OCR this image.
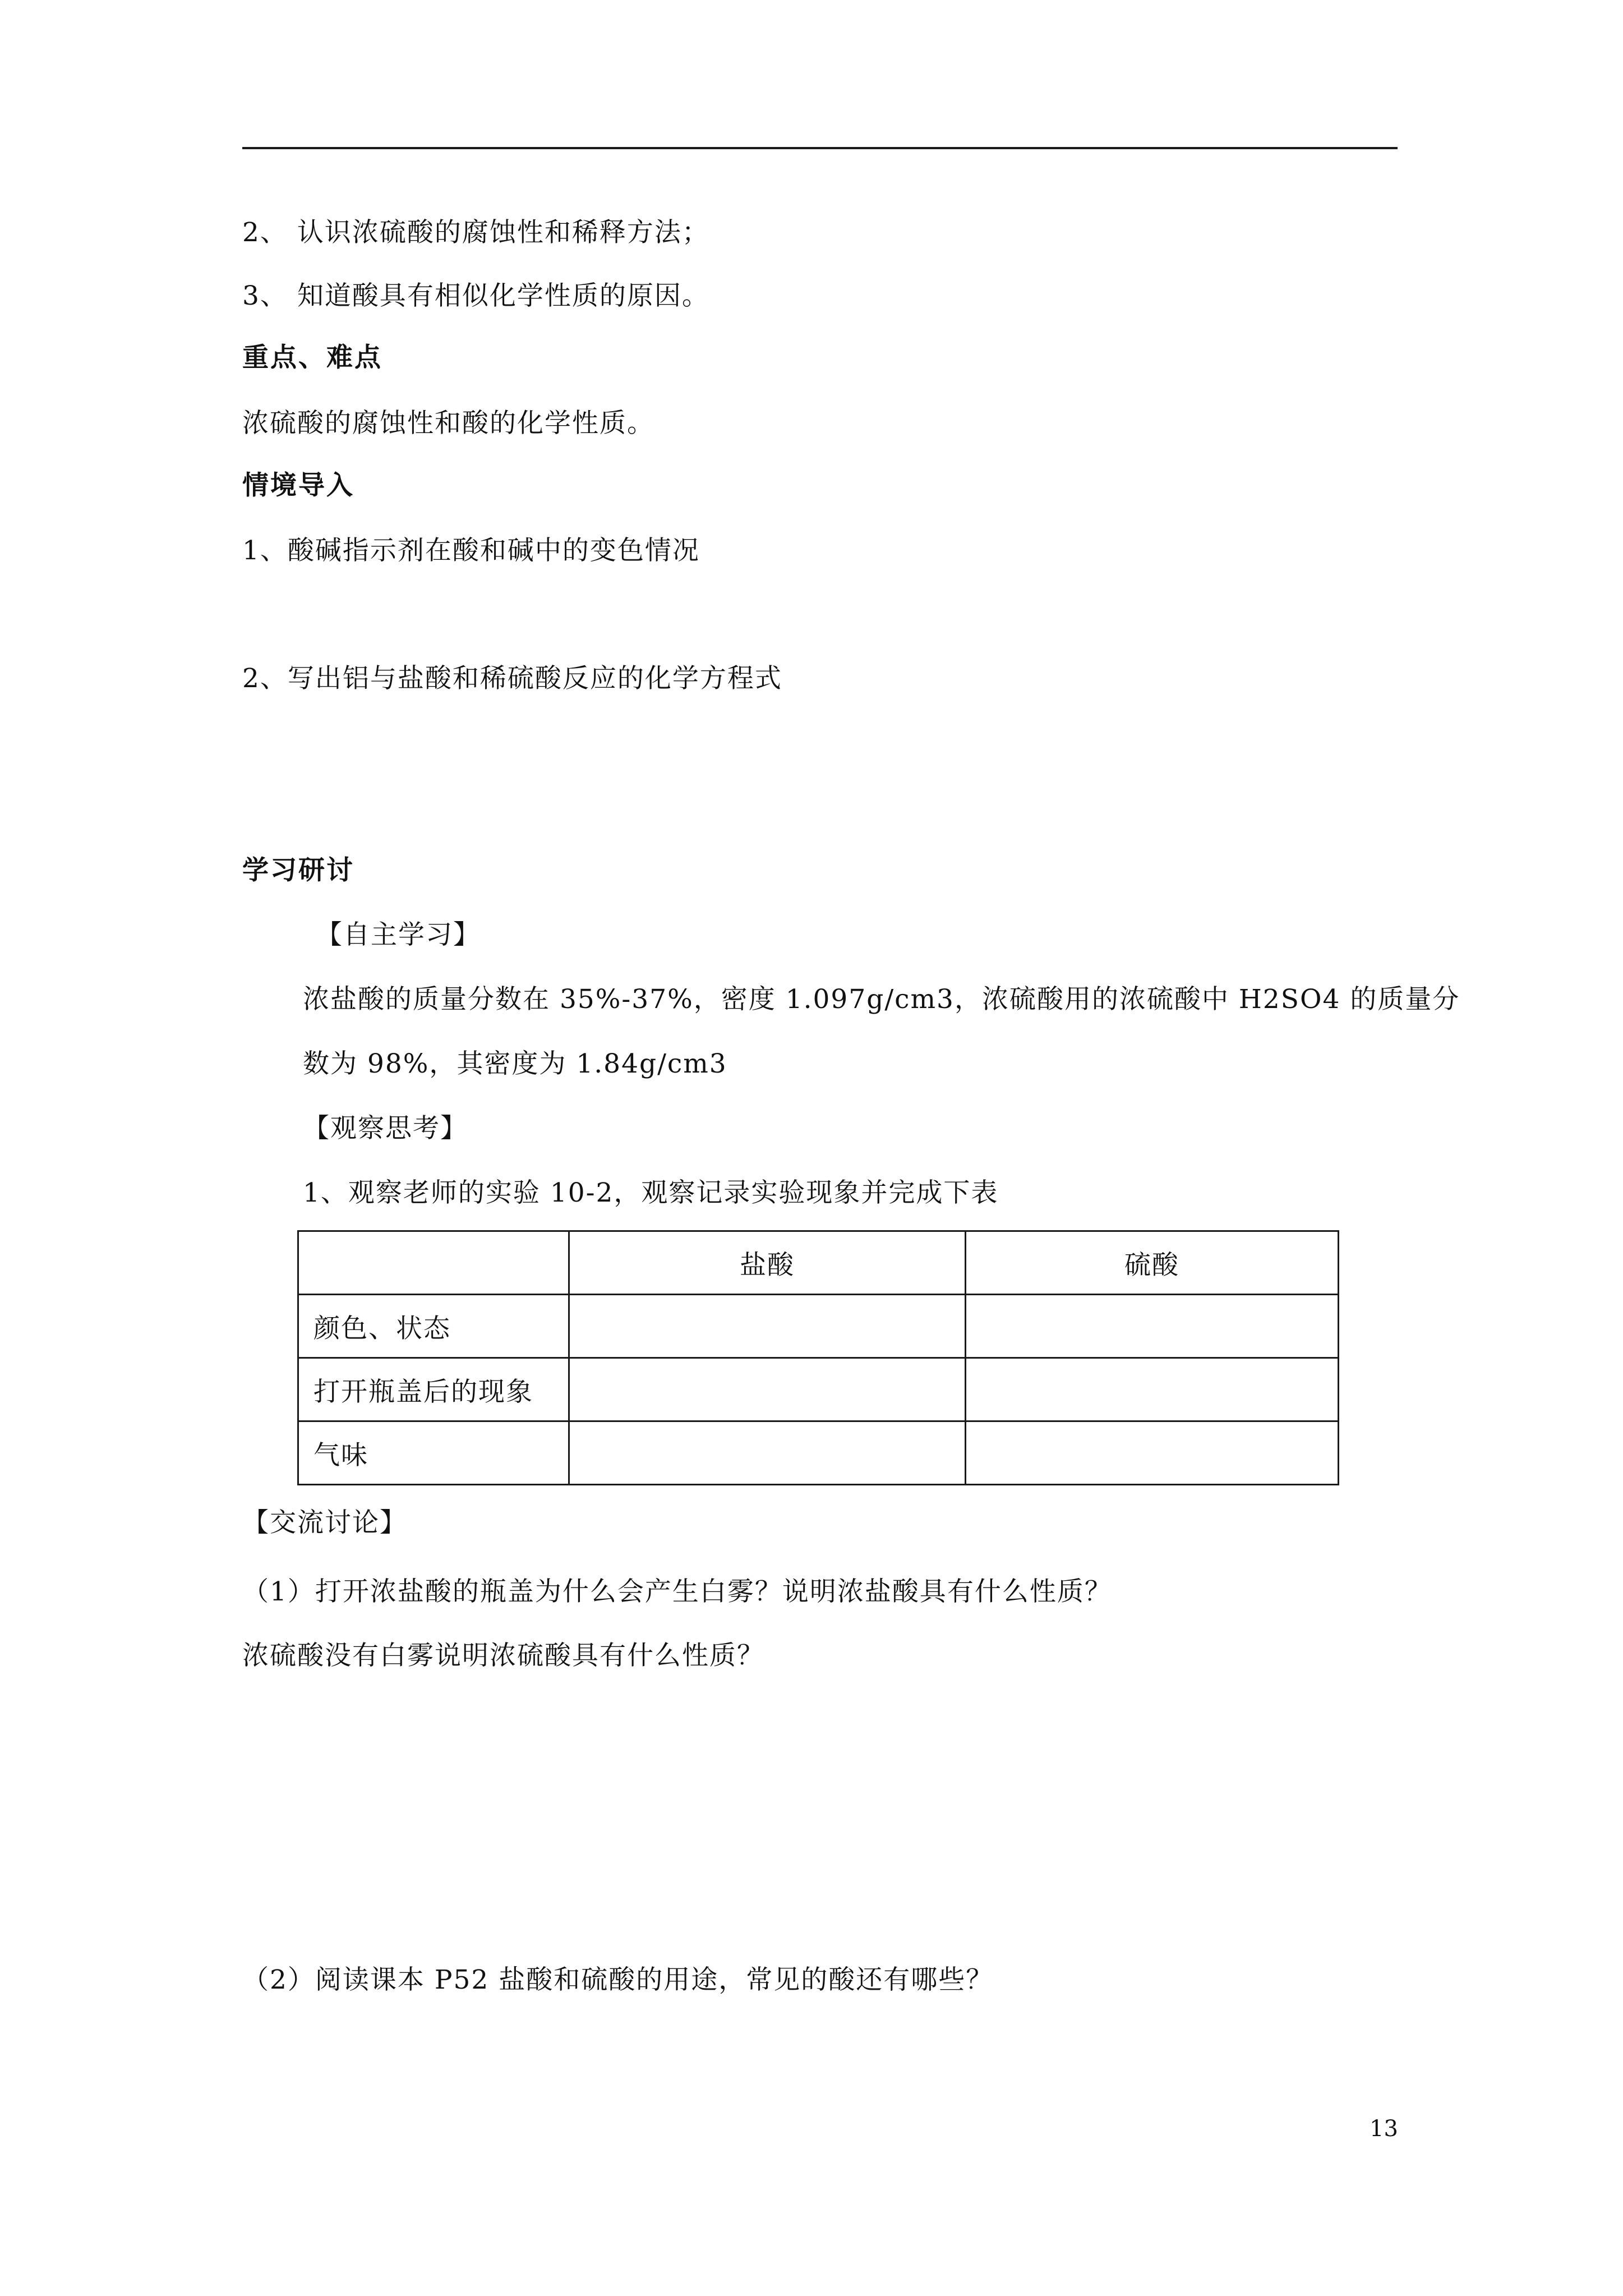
2、 认识浓硫酸的腐蚀性和稀释方法；
3、 知道酸具有相似化学性质的原因。
重点、难点
浓硫酸的腐蚀性和酸的化学性质。
情境导入
1、酸碱指示剂在酸和碱中的变色情况
2、写出铝与盐酸和稀硫酸反应的化学方程式
学习研讨
【自主学习】
浓盐酸的质量分数在 35%-37%，密度 1.097g/cm3，浓硫酸用的浓硫酸中 H2SO4 的质量分
数为 98%，其密度为 1.84g/cm3
【观察思考】
1、观察老师的实验 10-2，观察记录实验现象并完成下表
	盐酸	硫酸
颜色、状态		
打开瓶盖后的现象		
气味		
【交流讨论】
（1）打开浓盐酸的瓶盖为什么会产生白雾？说明浓盐酸具有什么性质？
浓硫酸没有白雾说明浓硫酸具有什么性质？
（2）阅读课本 P52 盐酸和硫酸的用途，常见的酸还有哪些？
13
